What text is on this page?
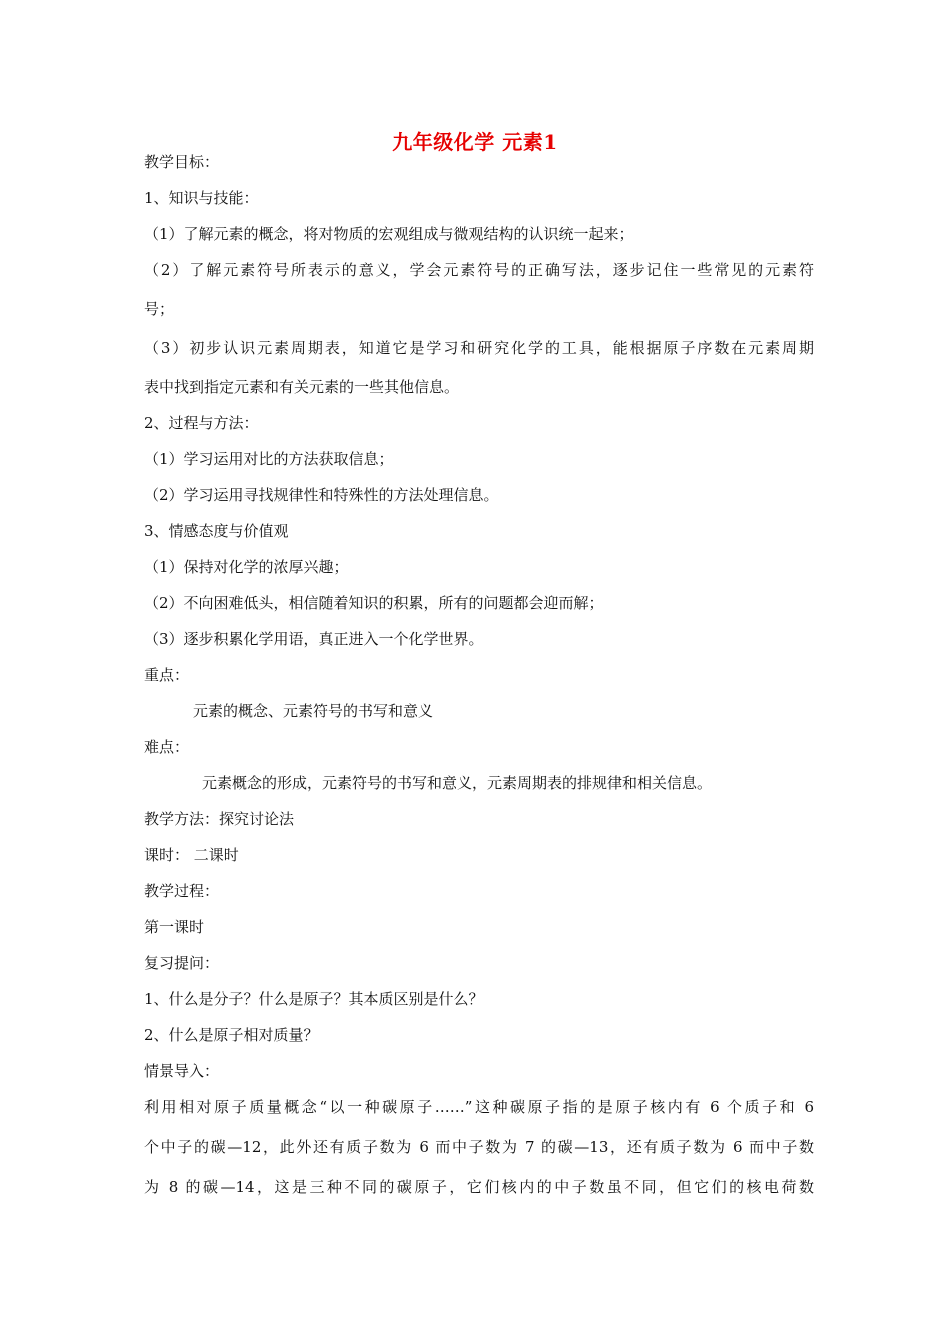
九年级化学 元素1
教学目标：
1、知识与技能：
（1）了解元素的概念，将对物质的宏观组成与微观结构的认识统一起来；
（2）了解元素符号所表示的意义，学会元素符号的正确写法，逐步记住一些常见的元素符
号；
（3）初步认识元素周期表，知道它是学习和研究化学的工具，能根据原子序数在元素周期
表中找到指定元素和有关元素的一些其他信息。
2、过程与方法：
（1）学习运用对比的方法获取信息；
（2）学习运用寻找规律性和特殊性的方法处理信息。
3、情感态度与价值观
（1）保持对化学的浓厚兴趣；
（2）不向困难低头，相信随着知识的积累，所有的问题都会迎而解；
（3）逐步积累化学用语，真正进入一个化学世界。
重点：
元素的概念、元素符号的书写和意义
难点：
元素概念的形成，元素符号的书写和意义，元素周期表的排规律和相关信息。
教学方法：探究讨论法
课时： 二课时
教学过程：
第一课时
复习提问：
1、什么是分子？什么是原子？其本质区别是什么？
2、什么是原子相对质量？
情景导入：
利用相对原子质量概念“以一种碳原子……”这种碳原子指的是原子核内有 6 个质子和 6
个中子的碳—12，此外还有质子数为 6 而中子数为 7 的碳—13，还有质子数为 6 而中子数
为 8 的碳—14，这是三种不同的碳原子，它们核内的中子数虽不同，但它们的核电荷数
